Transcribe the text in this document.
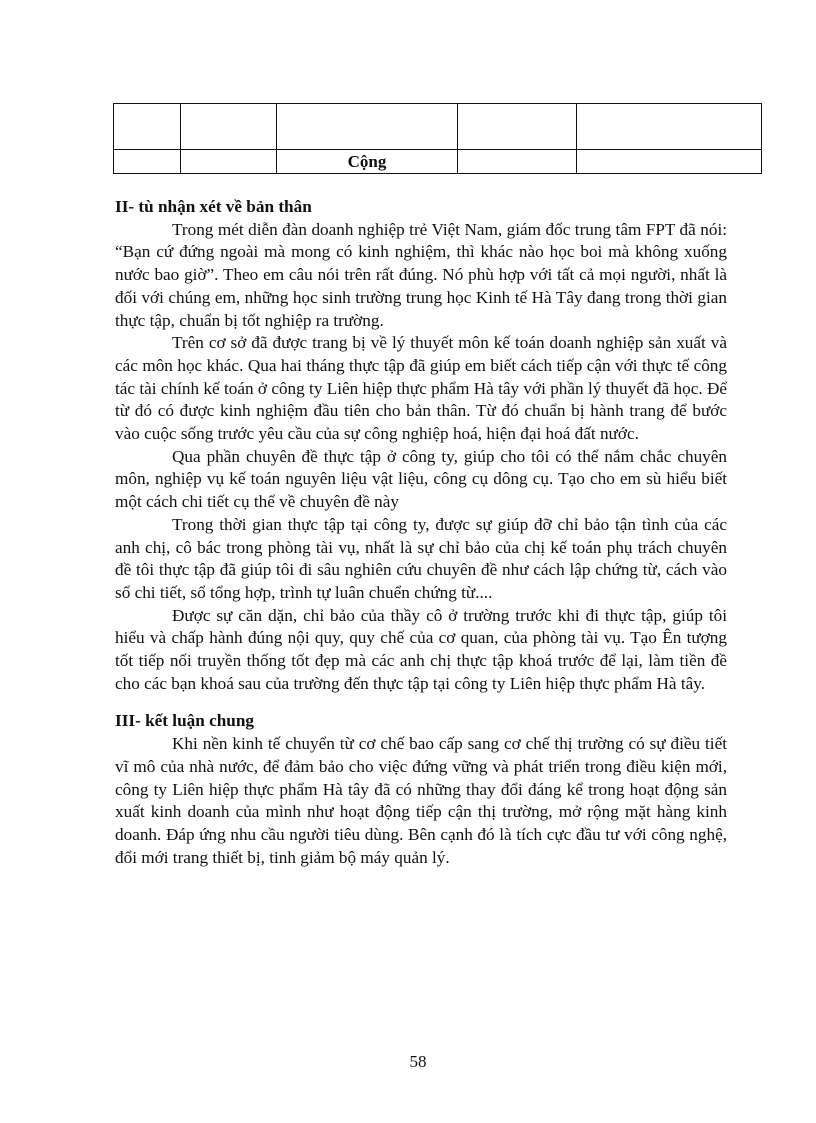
		Cộng		

II- tù nhận xét về bản thân

Trong mét diễn đàn doanh nghiệp trẻ Việt Nam, giám đốc trung tâm FPT đã nói: “Bạn cứ đứng ngoài mà mong có kinh nghiệm, thì khác nào học boi mà không xuống nước bao giờ”. Theo em câu nói trên rất đúng. Nó phù hợp với tất cả mọi người, nhất là đối với chúng em, những học sinh trường trung học Kinh tế Hà Tây đang trong thời gian thực tập, chuẩn bị tốt nghiệp ra trường.

Trên cơ sở đã được trang bị về lý thuyết môn kế toán doanh nghiệp sản xuất và các môn học khác. Qua hai tháng thực tập đã giúp em biết cách tiếp cận với thực tế công tác tài chính kế toán ở công ty Liên hiệp thực phẩm Hà tây với phần lý thuyết đã học. Để từ đó có được kinh nghiệm đầu tiên cho bản thân. Từ đó chuẩn bị hành trang để bước vào cuộc sống trước yêu cầu của sự công nghiệp hoá, hiện đại hoá đất nước.

Qua phần chuyên đề thực tập ở công ty, giúp cho tôi có thể nắm chắc chuyên môn, nghiệp vụ kế toán nguyên liệu vật liệu, công cụ dông cụ. Tạo cho em sù hiểu biết một cách chi tiết cụ thể về chuyên đề này

Trong thời gian thực tập tại công ty, được sự giúp đỡ chỉ bảo tận tình của các anh chị, cô bác trong phòng tài vụ, nhất là sự chỉ bảo của chị kế toán phụ trách chuyên đề tôi thực tập đã giúp tôi đi sâu nghiên cứu chuyên đề như cách lập chứng từ, cách vào sổ chi tiết, sổ tổng hợp, trình tự luân chuển chứng từ....

Được sự căn dặn, chỉ bảo của thầy cô ở trường trước khi đi thực tập, giúp tôi hiểu và chấp hành đúng nội quy, quy chế của cơ quan, của phòng tài vụ. Tạo Ên tượng tốt tiếp nối truyền thống tốt đẹp mà các anh chị thực tập khoá trước để lại, làm tiền đề cho các bạn khoá sau của trường đến thực tập tại công ty Liên hiệp thực phẩm Hà tây.

III- kết luận chung

Khi nền kinh tế chuyển từ cơ chế bao cấp sang cơ chế thị trường có sự điều tiết vĩ mô của nhà nước, để đảm bảo cho việc đứng vững và phát triển trong điều kiện mới, công ty Liên hiệp thực phẩm Hà tây đã có những thay đổi đáng kể trong hoạt động sản xuất kinh doanh của mình như hoạt động tiếp cận thị trường, mở rộng mặt hàng kinh doanh. Đáp ứng nhu cầu người tiêu dùng. Bên cạnh đó là tích cực đầu tư với công nghệ, đổi mới trang thiết bị, tinh giảm bộ máy quản lý.

58
